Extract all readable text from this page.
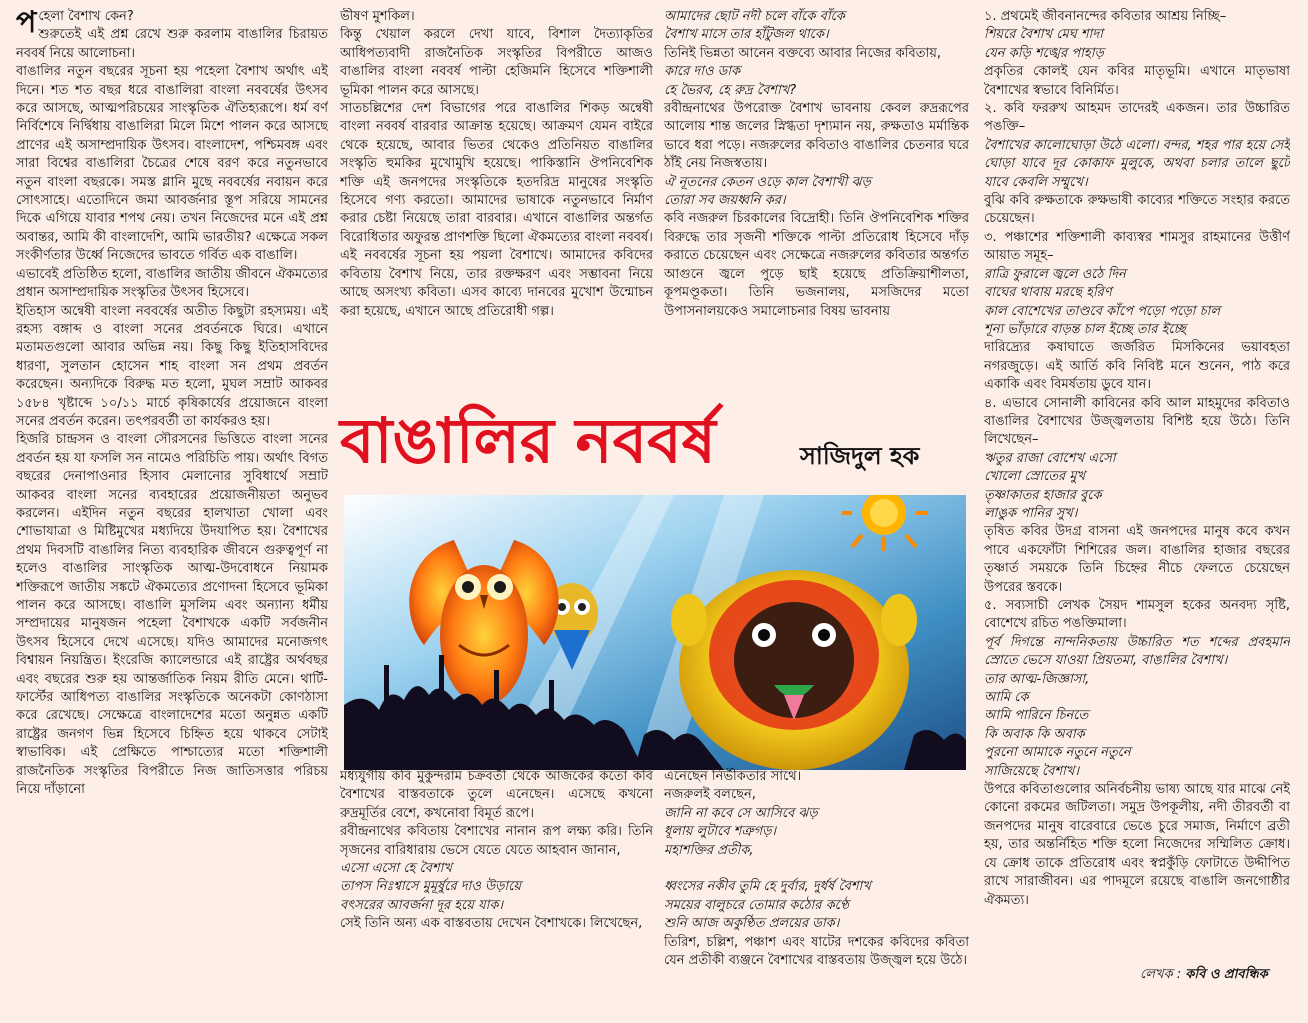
প হেলা বৈশাখ কেন?

শুরুতেই এই প্রশ্ন রেখে শুরু করলাম বাঙালির চিরায়ত নববর্ষ নিয়ে আলোচনা।

বাঙালির নতুন বছরের সূচনা হয় পহেলা বৈশাখ অর্থাৎ এই দিনে। শত শত বছর ধরে বাঙালিরা বাংলা নববর্ষের উৎসব করে আসছে, আত্মপরিচয়ের সাংস্কৃতিক ঐতিহ্যরূপে। ধর্ম বর্ণ নির্বিশেষে নির্দ্বিধায় বাঙালিরা মিলে মিশে পালন করে আসছে প্রাণের এই অসাম্প্রদায়িক উৎসব। বাংলাদেশ, পশ্চিমবঙ্গ এবং সারা বিশ্বের বাঙালিরা চৈত্রের শেষে বরণ করে নতুনভাবে নতুন বাংলা বছরকে। সমস্ত গ্লানি মুছে নববর্ষের নবায়ন করে সোৎসাহে। এতোদিনে জমা আবর্জনার স্তূপ সরিয়ে সামনের দিকে এগিয়ে যাবার শপথ নেয়। তখন নিজেদের মনে এই প্রশ্ন অবান্তর, আমি কী বাংলাদেশি, আমি ভারতীয়? এক্ষেত্রে সকল সংকীর্ণতার উর্ধ্বে নিজেদের ভাবতে গর্বিত এক বাঙালি।

এভাবেই প্রতিষ্ঠিত হলো, বাঙালির জাতীয় জীবনে ঐকমত্যের প্রধান অসাম্প্রদায়িক সংস্কৃতির উৎসব হিসেবে।

ইতিহাস অন্বেষী বাংলা নববর্ষের অতীত কিছুটা রহস্যময়। এই রহস্য বঙ্গাব্দ ও বাংলা সনের প্রবর্তনকে ঘিরে। এখানে মতামতগুলো আবার অভিন্ন নয়। কিছু কিছু ইতিহাসবিদের ধারণা, সুলতান হোসেন শাহ বাংলা সন প্রথম প্রবর্তন করেছেন। অন্যদিকে বিরুদ্ধ মত হলো, মুঘল সম্রাট আকবর ১৫৮৪ খৃষ্টাব্দে ১০/১১ মার্চে কৃষিকার্যের প্রয়োজনে বাংলা সনের প্রবর্তন করেন। তৎপরবর্তী তা কার্যকরও হয়।

হিজরি চান্দ্রসন ও বাংলা সৌরসনের ভিত্তিতে বাংলা সনের প্রবর্তন হয় যা ফসলি সন নামেও পরিচিতি পায়। অর্থাৎ বিগত বছরের দেনাপাওনার হিসাব মেলানোর সুবিধার্থে সম্রাট আকবর বাংলা সনের ব্যবহারের প্রয়োজনীয়তা অনুভব করলেন। এইদিন নতুন বছরের হালখাতা খোলা এবং শোভাযাত্রা ও মিষ্টিমুখের মধ্যদিয়ে উদযাপিত হয়। বৈশাখের প্রথম দিবসটি বাঙালির নিত্য ব্যবহারিক জীবনে গুরুত্বপূর্ণ না হলেও বাঙালির সাংস্কৃতিক আত্ম-উদবোধনে নিয়ামক শক্তিরূপে জাতীয় সঙ্কটে ঐকমত্যের প্রণোদনা হিসেবে ভূমিকা পালন করে আসছে। বাঙালি মুসলিম এবং অন্যান্য ধর্মীয় সম্প্রদায়ের মানুষজন পহেলা বৈশাখকে একটি সর্বজনীন উৎসব হিসেবে দেখে এসেছে। যদিও আমাদের মনোজগৎ বিশ্বায়ন নিয়ন্ত্রিত। ইংরেজি ক্যালেন্ডারে এই রাষ্ট্রের অর্থবছর এবং বছরের শুরু হয় আন্তর্জাতিক নিয়ম রীতি মেনে। থার্টি-ফার্স্টের আধিপত্য বাঙালির সংস্কৃতিকে অনেকটা কোণঠাসা করে রেখেছে। সেক্ষেত্রে বাংলাদেশের মতো অনুন্নত একটি রাষ্ট্রের জনগণ ভিন্ন হিসেবে চিহ্নিত হয়ে থাকবে সেটাই স্বাভাবিক। এই প্রেক্ষিতে পাশ্চাত্যের মতো শক্তিশালী রাজনৈতিক সংস্কৃতির বিপরীতে নিজ জাতিসত্তার পরিচয় নিয়ে দাঁড়ানো

ভীষণ মুশকিল।

কিন্তু খেয়াল করলে দেখা যাবে, বিশাল দৈত্যাকৃতির আধিপত্যবাদী রাজনৈতিক সংস্কৃতির বিপরীতে আজও বাঙালির বাংলা নববর্ষ পাল্টা হেজিমনি হিসেবে শক্তিশালী ভূমিকা পালন করে আসছে।

সাতচল্লিশের দেশ বিভাগের পরে বাঙালির শিকড় অন্বেষী বাংলা নববর্ষ বারবার আক্রান্ত হয়েছে। আক্রমণ যেমন বাইরে থেকে হয়েছে, আবার ভিতর থেকেও প্রতিনিয়ত বাঙালির সংস্কৃতি হুমকির মুখোমুখি হয়েছে। পাকিস্তানি ঔপনিবেশিক শক্তি এই জনপদের সংস্কৃতিকে হতদরিদ্র মানুষের সংস্কৃতি হিসেবে গণ্য করতো। আমাদের ভাষাকে নতুনভাবে নির্মাণ করার চেষ্টা নিয়েছে তারা বারবার। এখানে বাঙালির অন্তর্গত বিরোধিতার অফুরন্ত প্রাণশক্তি ছিলো ঐকমত্যের বাংলা নববর্ষ।

এই নববর্ষের সূচনা হয় পয়লা বৈশাখে। আমাদের কবিদের কবিতায় বৈশাখ নিয়ে, তার রক্তক্ষরণ এবং সম্ভাবনা নিয়ে আছে অসংখ্য কবিতা। এসব কাব্যে দানবের মুখোশ উন্মোচন করা হয়েছে, এখানে আছে প্রতিরোধী গল্প।

আমাদের ছোট নদী চলে বাঁকে বাঁকে

বৈশাখ মাসে তার হাঁটুজল থাকে।

তিনিই ভিন্নতা আনেন বক্তব্যে আবার নিজের কবিতায়,

কারে দাও ডাক

হে ভৈরব, হে রুদ্র বৈশাখ?

রবীন্দ্রনাথের উপরোক্ত বৈশাখ ভাবনায় কেবল রুদ্ররূপের আলোয় শান্ত জলের স্নিগ্ধতা দৃশ্যমান নয়, রুক্ষতাও মর্মান্তিক ভাবে ধরা পড়ে। নজরুলের কবিতাও বাঙালির চেতনার ঘরে ঠাঁই নেয় নিজস্বতায়।

ঐ নূতনের কেতন ওড়ে কাল বৈশাখী ঝড়

তোরা সব জয়ধ্বনি কর।

কবি নজরুল চিরকালের বিদ্রোহী। তিনি ঔপনিবেশিক শক্তির বিরুদ্ধে তার সৃজনী শক্তিকে পাল্টা প্রতিরোধ হিসেবে দাঁড় করাতে চেয়েছেন এবং সেক্ষেত্রে নজরুলের কবিতার অন্তর্গত আগুনে জ্বলে পুড়ে ছাই হয়েছে প্রতিক্রিয়াশীলতা, কূপমণ্ডূকতা। তিনি ভজনালয়, মসজিদের মতো উপাসনালয়কেও সমালোচনার বিষয় ভাবনায়

১. প্রথমেই জীবনানন্দের কবিতার আশ্রয় নিচ্ছি–

শিয়রে বৈশাখ মেঘ শাদা

যেন কড়ি শঙ্খের পাহাড়

প্রকৃতির কোলই যেন কবির মাতৃভূমি। এখানে মাতৃভাষা বৈশাখের স্বভাবে বিনির্মিত।

২. কবি ফররুখ আহমদ তাদেরই একজন। তার উচ্চারিত পঙক্তি–

বৈশাখের কালোঘোড়া উঠে এলো। বন্দর, শহর পার হয়ে সেই ঘোড়া যাবে দূর কোকাফ মুলুকে, অথবা চলার তালে ছুটে যাবে কেবলি সম্মুখে।

বুঝি কবি রুক্ষতাকে রুক্ষভাষী কাব্যের শক্তিতে সংহার করতে চেয়েছেন।

৩. পঞ্চাশের শক্তিশালী কাব্যস্বর শামসুর রাহমানের উত্তীর্ণ আয়াত সমূহ–

রাত্রি ফুরালে জ্বলে ওঠে দিন

বাঘের থাবায় মরছে হরিণ

কাল বোশেখের তাণ্ডবে কাঁপে পড়ো পড়ো চাল

শূন্য ভাঁড়ারে বাড়ন্ত চাল ইচ্ছে তার ইচ্ছে

দারিদ্র্যের কষাঘাতে জর্জরিত মিসকিনের ভয়াবহতা নগরজুড়ে। এই আর্তি কবি নিবিষ্ট মনে শুনেন, পাঠ করে একাকি এবং বিমর্ষতায় ডুবে যান।

৪. এভাবে সোনালী কাবিনের কবি আল মাহমুদের কবিতাও বাঙালির বৈশাখের উজ্জ্বলতায় বিশিষ্ট হয়ে উঠে। তিনি লিখেছেন–

ঋতুর রাজা বোশেখ এসো

খোলো স্রোতের মুখ

তৃষ্ণাকাতর হাজার বুকে

লাঙুক পানির সুখ।

তৃষিত কবির উদগ্র বাসনা এই জনপদের মানুষ কবে কখন পাবে একফোঁটা শিশিরের জল। বাঙালির হাজার বছরের তৃষ্ণার্ত সময়কে তিনি চিহ্নের নীচে ফেলতে চেয়েছেন উপরের স্তবকে।

৫. সব্যসাচী লেখক সৈয়দ শামসুল হকের অনবদ্য সৃষ্টি, বোশেখে রচিত পঙক্তিমালা।

পূর্ব দিগন্তে নান্দনিকতায় উচ্চারিত শত শব্দের প্রবহমান স্রোতে ভেসে যাওয়া প্রিয়তমা, বাঙালির বৈশাখ।

তার আত্ম-জিজ্ঞাসা,

আমি কে

আমি পারিনে চিনতে

কি অবাক কি অবাক

পুরনো আমাকে নতুনে নতুনে

সাজিয়েছে বৈশাখ।

উপরে কবিতাগুলোর অনির্বচনীয় ভাষ্য আছে যার মাঝে নেই কোনো রকমের জটিলতা। সমুদ্র উপকূলীয়, নদী তীরবর্তী বা জনপদের মানুষ বারেবারে ভেঙে চুরে সমাজ, নির্মাণে ব্রতী হয়, তার অন্তর্নিহিত শক্তি হলো নিজেদের সম্মিলিত ক্রোধ। যে ক্রোধ তাকে প্রতিরোধ এবং স্বপ্নকুঁড়ি ফোটাতে উদ্দীপিত রাখে সারাজীবন। এর পাদমূলে রয়েছে বাঙালি জনগোষ্ঠীর ঐকমত্য।

বাঙালির নববর্ষ	সাজিদুল হক

মধ্যযুগীয় কবি মুকুন্দরাম চক্রবর্তী থেকে আজকের কতো কবি বৈশাখের বাস্তবতাকে তুলে এনেছেন। এসেছে কখনো রুদ্রমূর্তির বেশে, কখনোবা বিমূর্ত রূপে।

রবীন্দ্রনাথের কবিতায় বৈশাখের নানান রূপ লক্ষ্য করি। তিনি সৃজনের বারিধারায় ভেসে যেতে যেতে আহবান জানান,

এসো এসো হে বৈশাখ

তাপস নিঃশ্বাসে মুমূর্ষুরে দাও উড়ায়ে

বৎসরের আবর্জনা দূর হয়ে যাক।

সেই তিনি অন্য এক বাস্তবতায় দেখেন বৈশাখকে। লিখেছেন,

এনেছেন নির্ভীকতার সাথে।

নজরুলই বলছেন,

জানি না কবে সে আসিবে ঝড়

ধূলায় লুটাবে শত্রুগড়।

মহাশক্তির প্রতীক,

ধ্বংসের নকীব তুমি হে দুর্বার, দুর্ধর্ষ বৈশাখ

সময়ের বালুচরে তোমার কঠোর কণ্ঠে

শুনি আজ অকুণ্ঠিত প্রলয়ের ডাক।

তিরিশ, চল্লিশ, পঞ্চাশ এবং ষাটের দশকের কবিদের কবিতা যেন প্রতীকী ব্যঞ্জনে বৈশাখের বাস্তবতায় উজ্জ্বল হয়ে উঠে।

লেখক : কবি ও প্রাবন্ধিক
